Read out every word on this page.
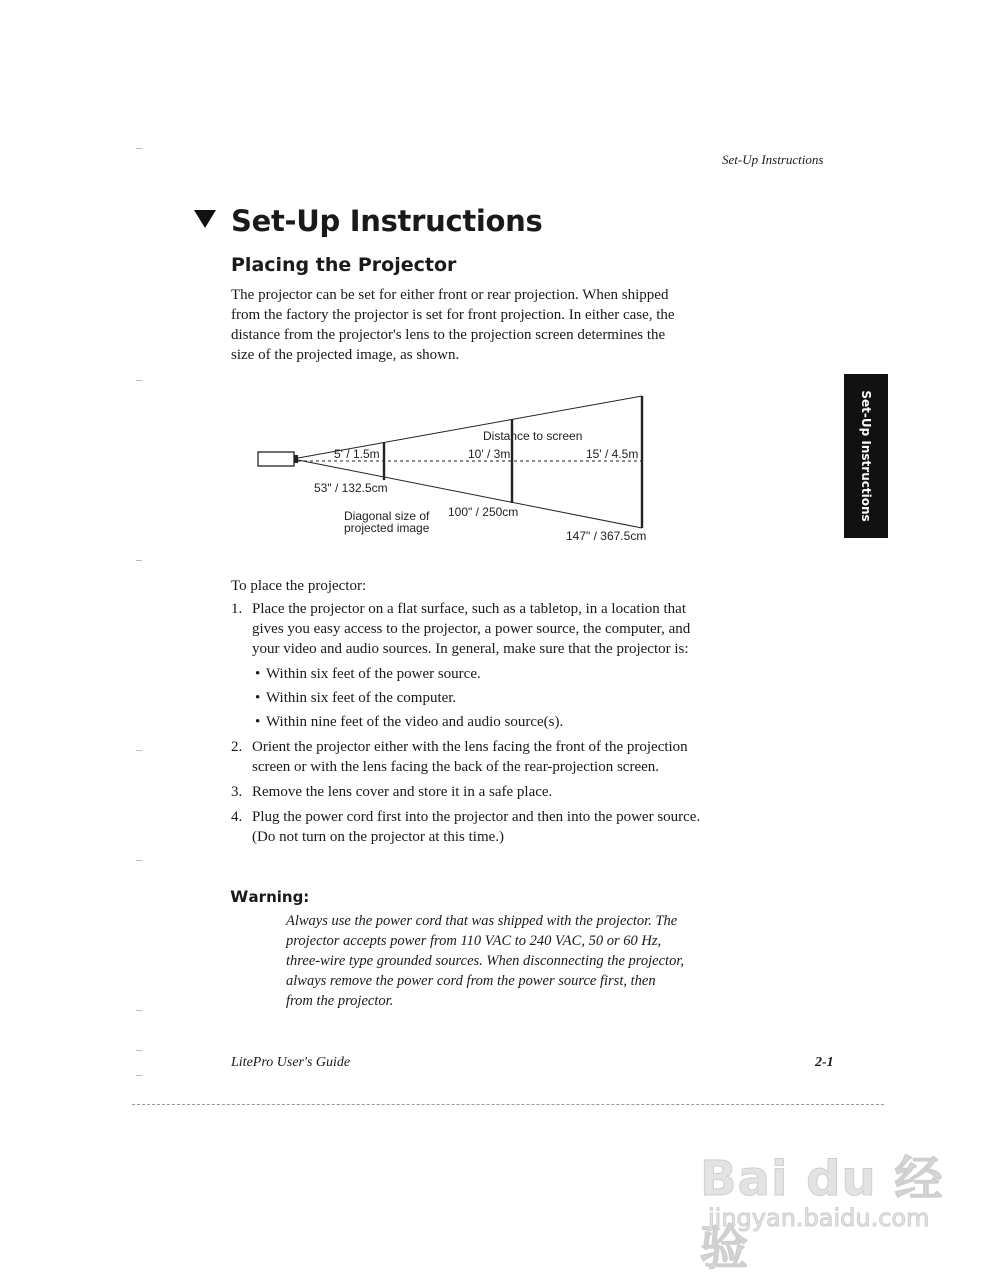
Set-Up Instructions
Set-Up Instructions
Placing the Projector
The projector can be set for either front or rear projection. When shipped from the factory the projector is set for front projection. In either case, the distance from the projector's lens to the projection screen determines the size of the projected image, as shown.
Set-Up Instructions
Distance to screen
5' / 1.5m	10' / 3m	15' / 4.5m
53" / 132.5cm
100" / 250cm
147" / 367.5cm
Diagonal size of
projected image
To place the projector:
1. Place the projector on a flat surface, such as a tabletop, in a location that gives you easy access to the projector, a power source, the computer, and your video and audio sources. In general, make sure that the projector is:
• Within six feet of the power source.
• Within six feet of the computer.
• Within nine feet of the video and audio source(s).
2. Orient the projector either with the lens facing the front of the projection screen or with the lens facing the back of the rear-projection screen.
3. Remove the lens cover and store it in a safe place.
4. Plug the power cord first into the projector and then into the power source. (Do not turn on the projector at this time.)
Warning:
Always use the power cord that was shipped with the projector. The projector accepts power from 110 VAC to 240 VAC, 50 or 60 Hz, three-wire type grounded sources. When disconnecting the projector, always remove the power cord from the power source first, then from the projector.
LitePro User's Guide	2-1
Bai du 经验
jingyan.baidu.com
